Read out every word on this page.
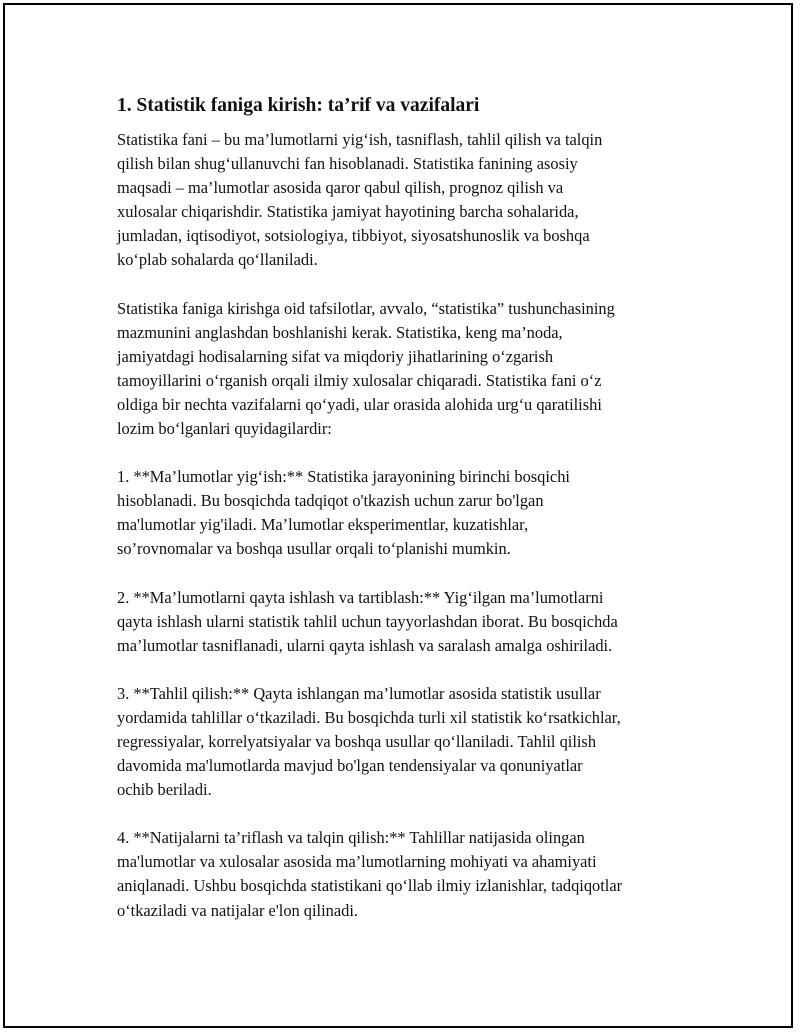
1. Statistik faniga kirish: ta’rif va vazifalari

Statistika fani – bu ma’lumotlarni yig‘ish, tasniflash, tahlil qilish va talqin
qilish bilan shug‘ullanuvchi fan hisoblanadi. Statistika fanining asosiy
maqsadi – ma’lumotlar asosida qaror qabul qilish, prognoz qilish va
xulosalar chiqarishdir. Statistika jamiyat hayotining barcha sohalarida,
jumladan, iqtisodiyot, sotsiologiya, tibbiyot, siyosatshunoslik va boshqa
ko‘plab sohalarda qo‘llaniladi.

Statistika faniga kirishga oid tafsilotlar, avvalo, “statistika” tushunchasining
mazmunini anglashdan boshlanishi kerak. Statistika, keng ma’noda,
jamiyatdagi hodisalarning sifat va miqdoriy jihatlarining o‘zgarish
tamoyillarini o‘rganish orqali ilmiy xulosalar chiqaradi. Statistika fani o‘z
oldiga bir nechta vazifalarni qo‘yadi, ular orasida alohida urg‘u qaratilishi
lozim bo‘lganlari quyidagilardir:

1. **Ma’lumotlar yig‘ish:** Statistika jarayonining birinchi bosqichi
hisoblanadi. Bu bosqichda tadqiqot o'tkazish uchun zarur bo'lgan
ma'lumotlar yig'iladi. Ma’lumotlar eksperimentlar, kuzatishlar,
so’rovnomalar va boshqa usullar orqali to‘planishi mumkin.

2. **Ma’lumotlarni qayta ishlash va tartiblash:** Yig‘ilgan ma’lumotlarni
qayta ishlash ularni statistik tahlil uchun tayyorlashdan iborat. Bu bosqichda
ma’lumotlar tasniflanadi, ularni qayta ishlash va saralash amalga oshiriladi.

3. **Tahlil qilish:** Qayta ishlangan ma’lumotlar asosida statistik usullar
yordamida tahlillar o‘tkaziladi. Bu bosqichda turli xil statistik ko‘rsatkichlar,
regressiyalar, korrelyatsiyalar va boshqa usullar qo‘llaniladi. Tahlil qilish
davomida ma'lumotlarda mavjud bo'lgan tendensiyalar va qonuniyatlar
ochib beriladi.

4. **Natijalarni ta’riflash va talqin qilish:** Tahlillar natijasida olingan
ma'lumotlar va xulosalar asosida ma’lumotlarning mohiyati va ahamiyati
aniqlanadi. Ushbu bosqichda statistikani qo‘llab ilmiy izlanishlar, tadqiqotlar
o‘tkaziladi va natijalar e'lon qilinadi.
